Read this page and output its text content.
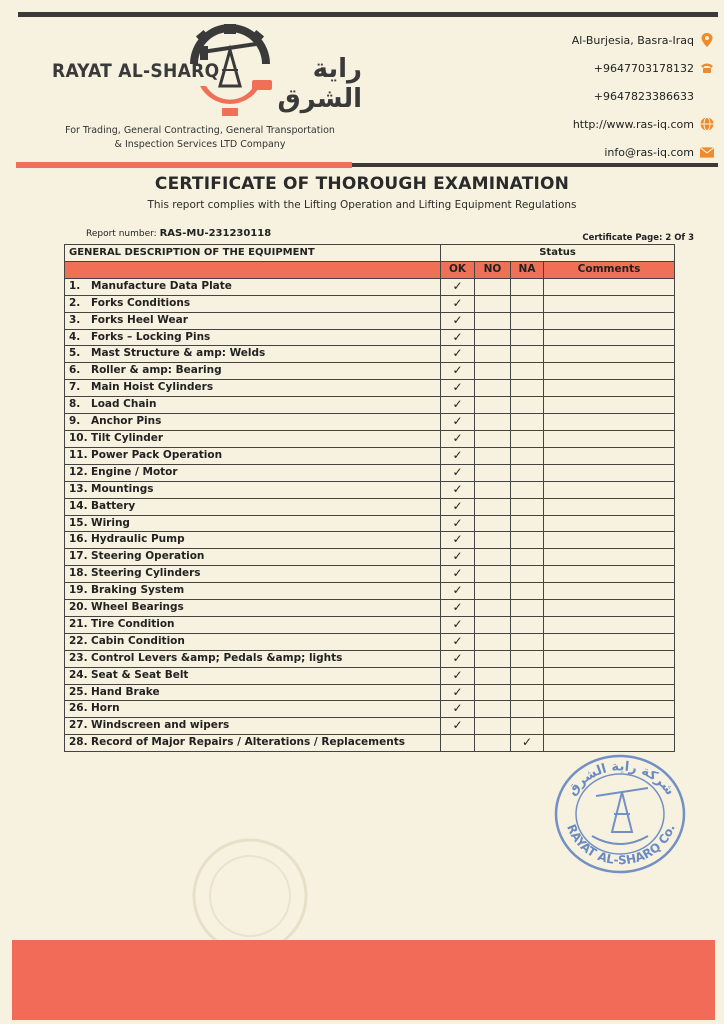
RAYAT AL-SHARQ	راية الشرق
For Trading, General Contracting, General Transportation
& Inspection Services LTD Company
Al-Burjesia, Basra-Iraq
+9647703178132
+9647823386633
http://www.ras-iq.com
info@ras-iq.com
CERTIFICATE OF THOROUGH EXAMINATION
This report complies with the Lifting Operation and Lifting Equipment Regulations
Report number: RAS-MU-231230118	Certificate Page: 2 Of 3
GENERAL DESCRIPTION OF THE EQUIPMENT	Status			
	OK	NO	NA	Comments
1. Manufacture Data Plate	✓			
2. Forks Conditions	✓			
3. Forks Heel Wear	✓			
4. Forks – Locking Pins	✓			
5. Mast Structure & amp: Welds	✓			
6. Roller & amp: Bearing	✓			
7. Main Hoist Cylinders	✓			
8. Load Chain	✓			
9. Anchor Pins	✓			
10. Tilt Cylinder	✓			
11. Power Pack Operation	✓			
12. Engine / Motor	✓			
13. Mountings	✓			
14. Battery	✓			
15. Wiring	✓			
16. Hydraulic Pump	✓			
17. Steering Operation	✓			
18. Steering Cylinders	✓			
19. Braking System	✓			
20. Wheel Bearings	✓			
21. Tire Condition	✓			
22. Cabin Condition	✓			
23. Control Levers &amp; Pedals &amp; lights	✓			
24. Seat & Seat Belt	✓			
25. Hand Brake	✓			
26. Horn	✓			
27. Windscreen and wipers	✓			
28. Record of Major Repairs / Alterations / Replacements			✓	
RAYAT AL-SHARQ Co.
شركة راية الشرق
